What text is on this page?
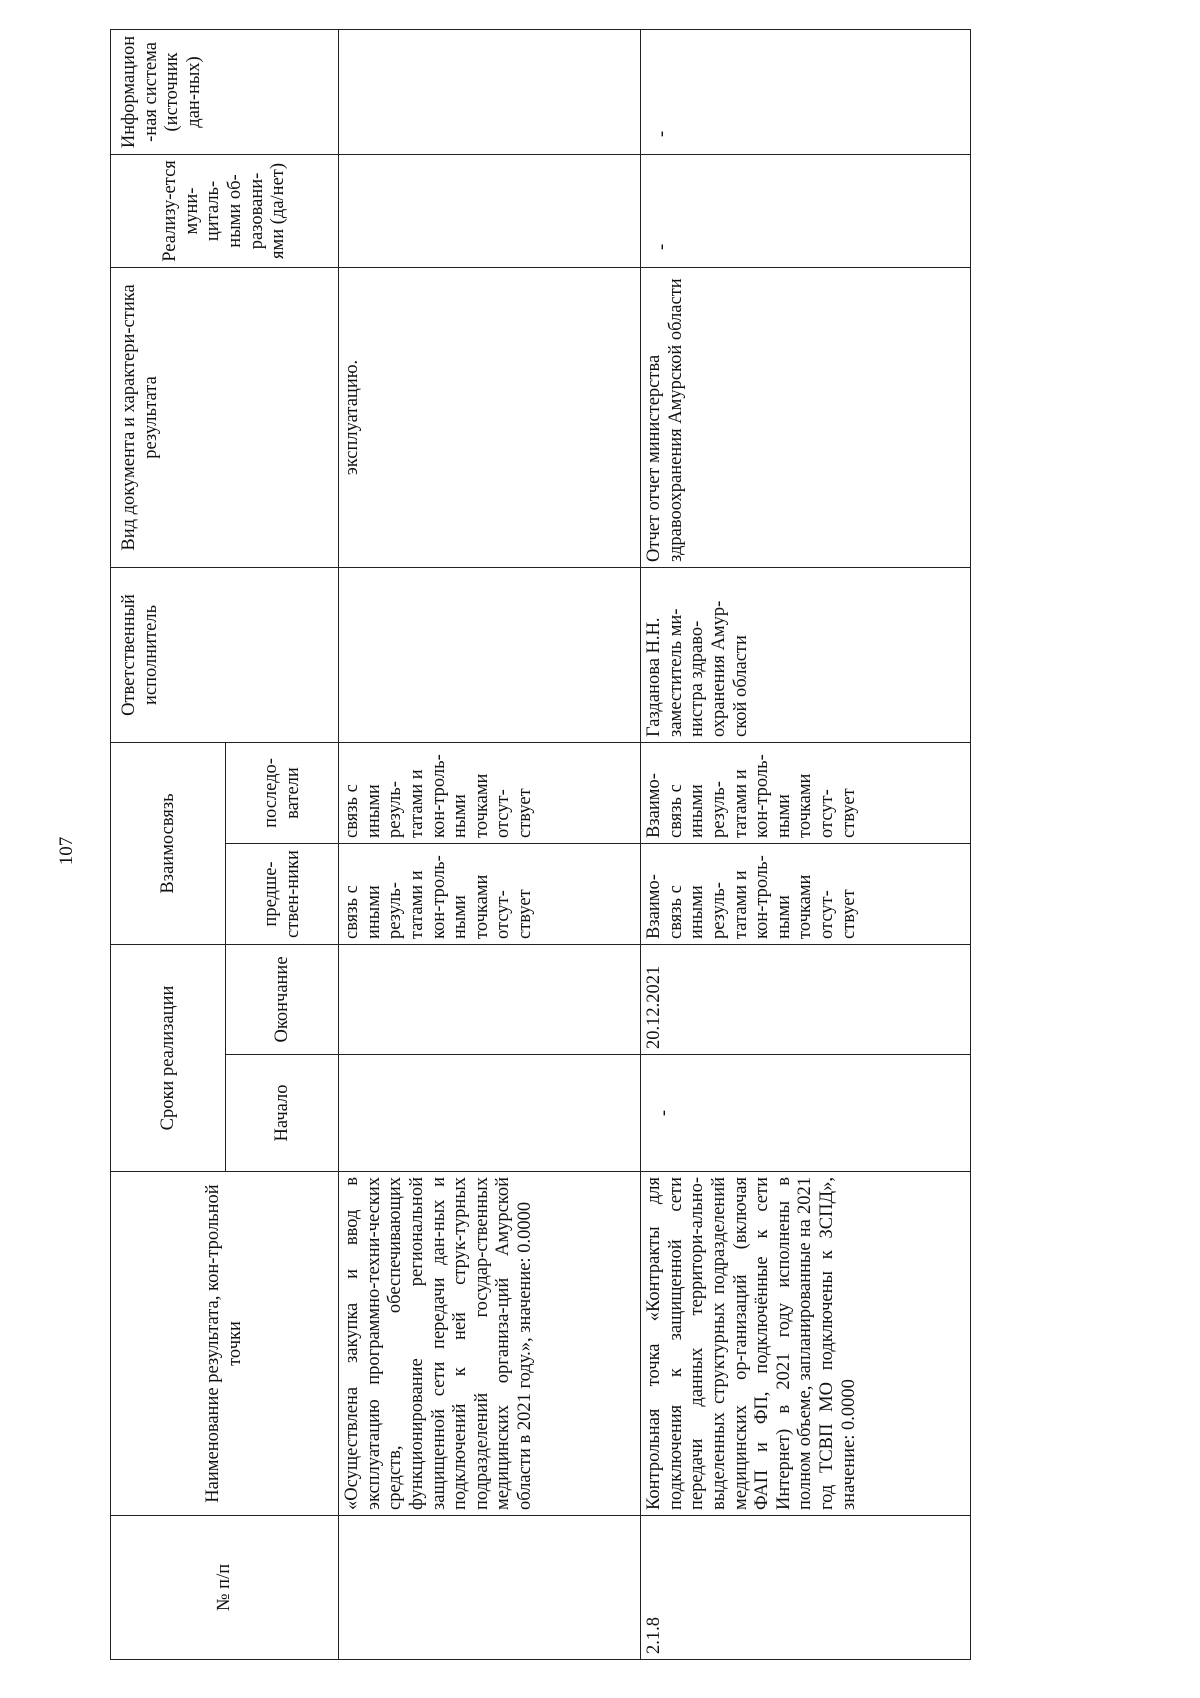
107
№ п/п	Наименование результата, кон-трольной точки	Сроки реализации		Взаимосвязь		Ответственный исполнитель	Вид документа и характери-стика результата	Реализу-ется муни-циталь-ными об-разовани-ями (да/нет)	Информацион-ная система (источник дан-ных)
		Начало	Окончание	предше-ствен-ники	последо-ватели				
	«Осуществлена закупка и ввод в эксплуатацию программно-техни-ческих средств, обеспечивающих функционирование региональной защищенной сети передачи дан-ных и подключений к ней струк-турных подразделений государ-ственных медицинских организа-ций Амурской области в 2021 году.», значение: 0.0000			связь с иными резуль-татами и кон-троль-ными точками отсут-ствует	связь с иными резуль-татами и кон-троль-ными точками отсут-ствует		эксплуатацию.		
2.1.8	Контрольная точка «Контракты для подключения к защищенной сети передачи данных территори-ально-выделенных структурных подразделений медицинских ор-ганизаций (включая ФАП и ФП, подключённые к сети Интернет) в 2021 году исполнены в полном объеме, запланированные на 2021 год ТСВП МО подключены к ЗСПД», значение: 0.0000	-	20.12.2021	Взаимо-связь с иными резуль-татами и кон-троль-ными точками отсут-ствует	Взаимо-связь с иными резуль-татами и кон-троль-ными точками отсут-ствует	Газданова Н.Н. заместитель ми-нистра здраво-охранения Амур-ской области	Отчет отчет министерства здравоохранения Амурской области	-	-
